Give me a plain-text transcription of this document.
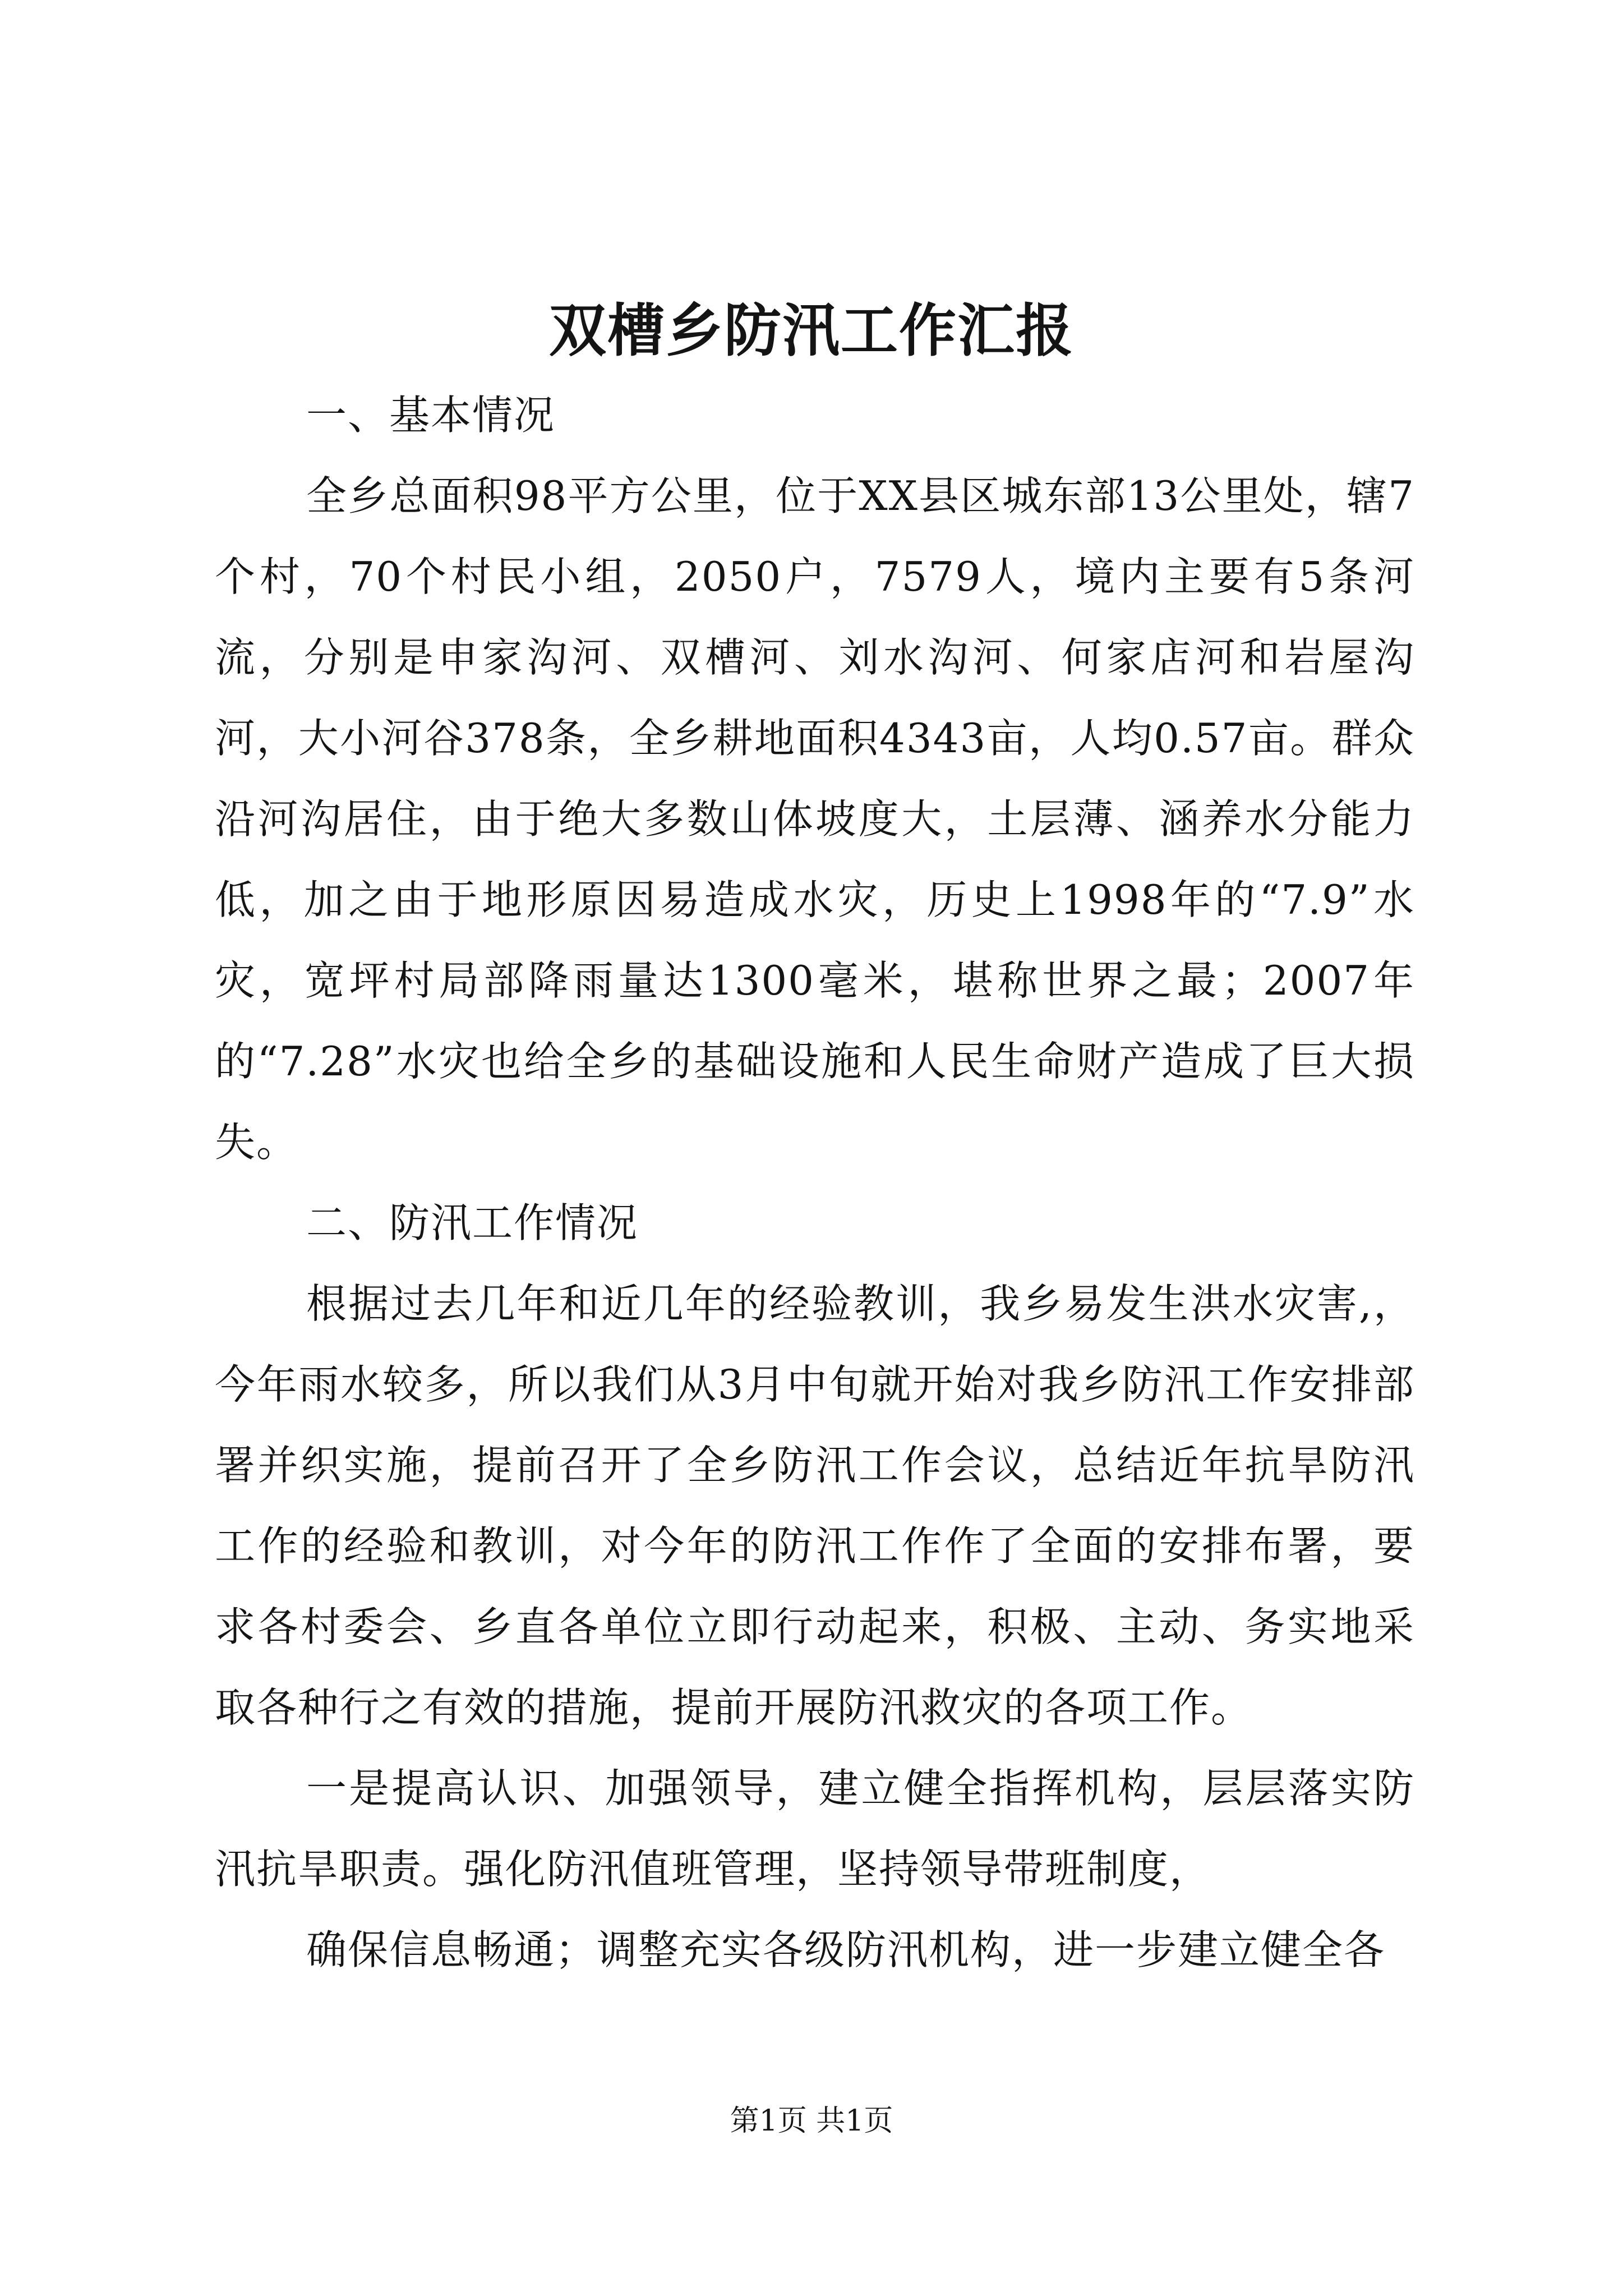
双槽乡防汛工作汇报

一、基本情况

全乡总面积98平方公里，位于XX县区城东部13公里处，辖7个村，70个村民小组，2050户，7579人，境内主要有5条河流，分别是申家沟河、双槽河、刘水沟河、何家店河和岩屋沟河，大小河谷378条，全乡耕地面积4343亩，人均0.57亩。群众沿河沟居住，由于绝大多数山体坡度大，土层薄、涵养水分能力低，加之由于地形原因易造成水灾，历史上1998年的“7.9”水灾，宽坪村局部降雨量达1300毫米，堪称世界之最；2007年的“7.28”水灾也给全乡的基础设施和人民生命财产造成了巨大损失。

二、防汛工作情况

根据过去几年和近几年的经验教训，我乡易发生洪水灾害,，今年雨水较多，所以我们从3月中旬就开始对我乡防汛工作安排部署并织实施，提前召开了全乡防汛工作会议，总结近年抗旱防汛工作的经验和教训，对今年的防汛工作作了全面的安排布署，要求各村委会、乡直各单位立即行动起来，积极、主动、务实地采取各种行之有效的措施，提前开展防汛救灾的各项工作。

一是提高认识、加强领导，建立健全指挥机构，层层落实防汛抗旱职责。强化防汛值班管理，坚持领导带班制度，

确保信息畅通；调整充实各级防汛机构，进一步建立健全各

第1页 共1页
